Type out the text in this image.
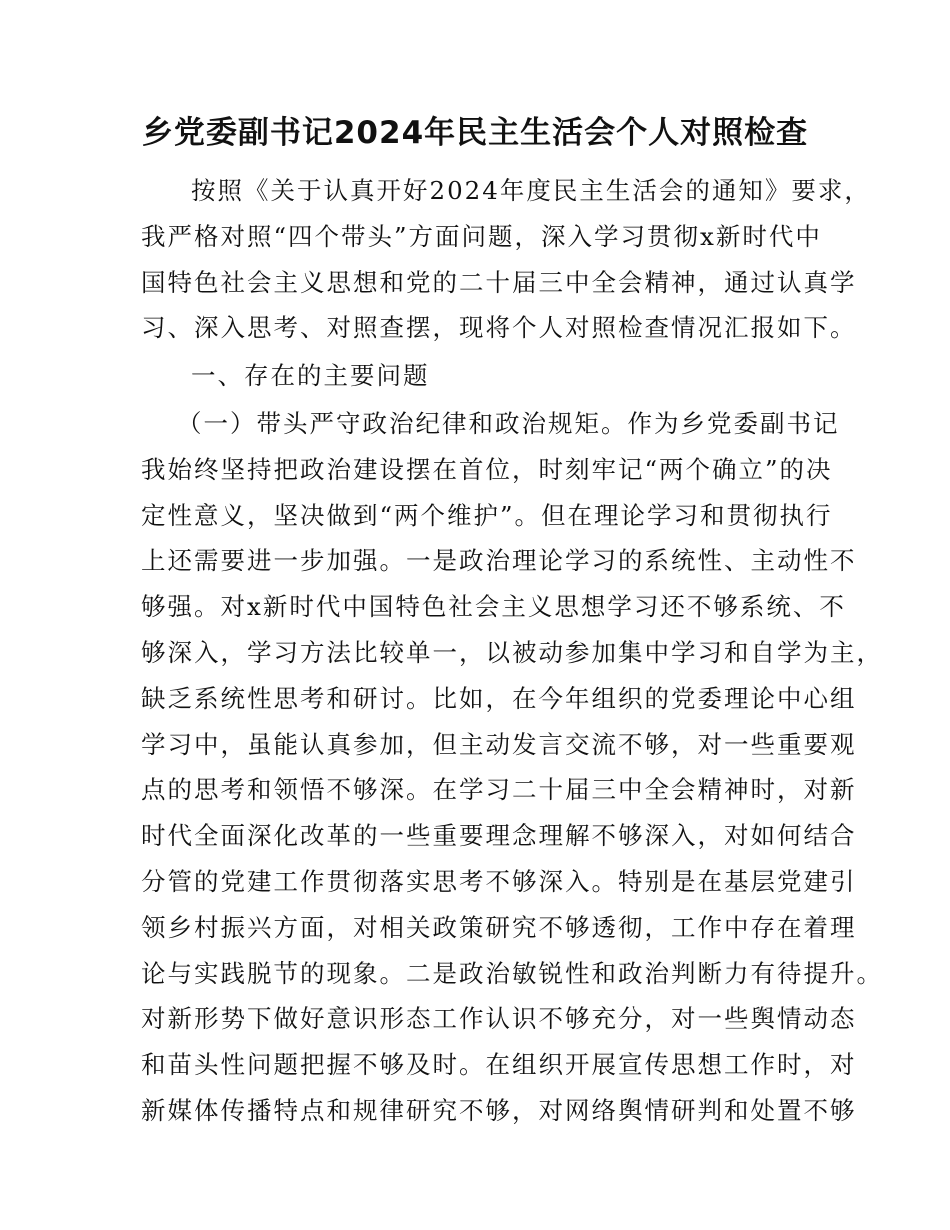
乡党委副书记2024年民主生活会个人对照检查
按照《关于认真开好2024年度民主生活会的通知》要求，
我严格对照“四个带头”方面问题，深入学习贯彻x新时代中
国特色社会主义思想和党的二十届三中全会精神，通过认真学
习、深入思考、对照查摆，现将个人对照检查情况汇报如下。
一、存在的主要问题
（一）带头严守政治纪律和政治规矩。作为乡党委副书记
我始终坚持把政治建设摆在首位，时刻牢记“两个确立”的决
定性意义，坚决做到“两个维护”。但在理论学习和贯彻执行
上还需要进一步加强。一是政治理论学习的系统性、主动性不
够强。对x新时代中国特色社会主义思想学习还不够系统、不
够深入，学习方法比较单一，以被动参加集中学习和自学为主，
缺乏系统性思考和研讨。比如，在今年组织的党委理论中心组
学习中，虽能认真参加，但主动发言交流不够，对一些重要观
点的思考和领悟不够深。在学习二十届三中全会精神时，对新
时代全面深化改革的一些重要理念理解不够深入，对如何结合
分管的党建工作贯彻落实思考不够深入。特别是在基层党建引
领乡村振兴方面，对相关政策研究不够透彻，工作中存在着理
论与实践脱节的现象。二是政治敏锐性和政治判断力有待提升。
对新形势下做好意识形态工作认识不够充分，对一些舆情动态
和苗头性问题把握不够及时。在组织开展宣传思想工作时，对
新媒体传播特点和规律研究不够，对网络舆情研判和处置不够
